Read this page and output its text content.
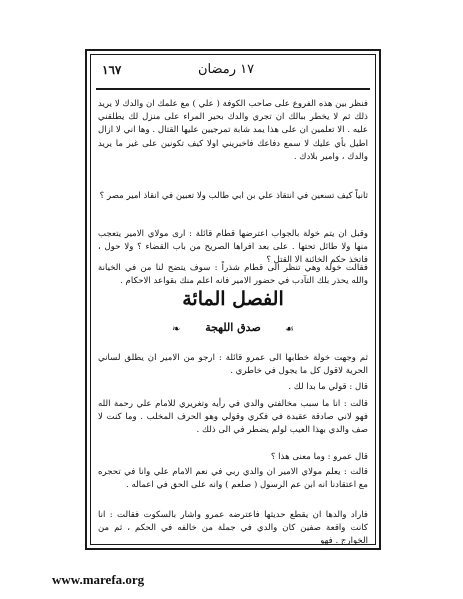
١٦٧	١٧ رمضان

فنظر بين هذه الفروع على صاحب الكوفة ( علي ) مع علمك ان والدك لا يريد ذلك ثم لا يخطر ببالك ان تجري والدك بحير المراء على منزل لك يطلقني عليه . الا تعلمين ان على هذا يمد شابة تمرجيين عليها القتال . وها اني لا ازال اطيل بأي عليك لا سمع دفاعك فاخبريني اولا كيف تكونين على غير ما يريد والدك ، وامير بلادك .

ثانياً كيف تسعين في انتقاذ علي بن ابي طالب ولا تعبين في انقاذ امير مصر ؟

وقبل ان يتم خولة بالجواب اعترضها قطام قائلة : ارى مولاي الامير يتعجب منها ولا طائل تحتها . على بعد افراها الصريح من باب القضاء ؟ ولا حول ، فاتخذ حكم الخائنة الا القتل ؟

فقالت خولة وهي تنظر الى قطام شذراً : سوف يتضح لنا من في الخيانة والله يحذر بلك التآدب في حضور الامير فانه اعلم منك بقواعد الاحكام .

الفصل المائة
❧	صدق اللهجة	☙

ثم وجهت خولة خطابها الى عمرو قائلة : ارجو من الامير ان يطلق لساني الحرية لاقول كل ما يجول في خاطري .

قال : قولي ما بدا لك .

قالت : انا ما سبب مخالفتي والدي في رأيه وتغريري للامام علي رحمة الله فهو لاني صادقة عقيدة في فكري وقولي وهو الحرف المخلب . وما كنت لا صف والدي بهذا العيب لولم يضطر في الى ذلك .

قال عمرو : وما معنى هذا ؟

قالت : يعلم مولاي الامير ان والدي ربي في نعم الامام علي وانا في تحجره مع اعتقادنا انه ابن عم الرسول ( صلعم ) وانه على الحق في اعماله .

فاراد والدها ان يقطع حديثها فاعترضه عمرو واشار بالسكوت فقالت : انا كانت واقعة صفين كان والدي في جملة من خالفه في الحكم ، ثم من الخوارج . فهو

www.marefa.org
